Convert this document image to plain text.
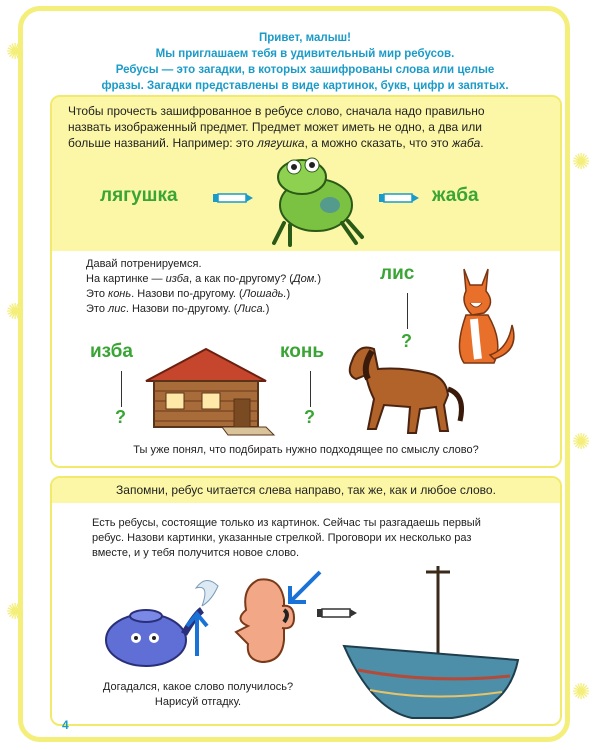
✺
✺
✺
✺
✺
✺
Привет, малыш!
Мы приглашаем тебя в удивительный мир ребусов.
Ребусы — это загадки, в которых зашифрованы слова или целые
фразы. Загадки представлены в виде картинок, букв, цифр и запятых.
Чтобы прочесть зашифрованное в ребусе слово, сначала надо правильно
назвать изображенный предмет. Предмет может иметь не одно, а два или
больше названий. Например: это лягушка, а можно сказать, что это жаба.
лягушка	жаба
Давай потренируемся.
На картинке — изба, а как по-другому? (Дом.)
Это конь. Назови по-другому. (Лошадь.)
Это лис. Назови по-другому. (Лиса.)
лис
?
изба
?
конь
?
Ты уже понял, что подбирать нужно подходящее по смыслу слово?
Запомни, ребус читается слева направо, так же, как и любое слово.
Есть ребусы, состоящие только из картинок. Сейчас ты разгадаешь первый
ребус. Назови картинки, указанные стрелкой. Проговори их несколько раз
вместе, и у тебя получится новое слово.
Догадался, какое слово получилось?
Нарисуй отгадку.
4
